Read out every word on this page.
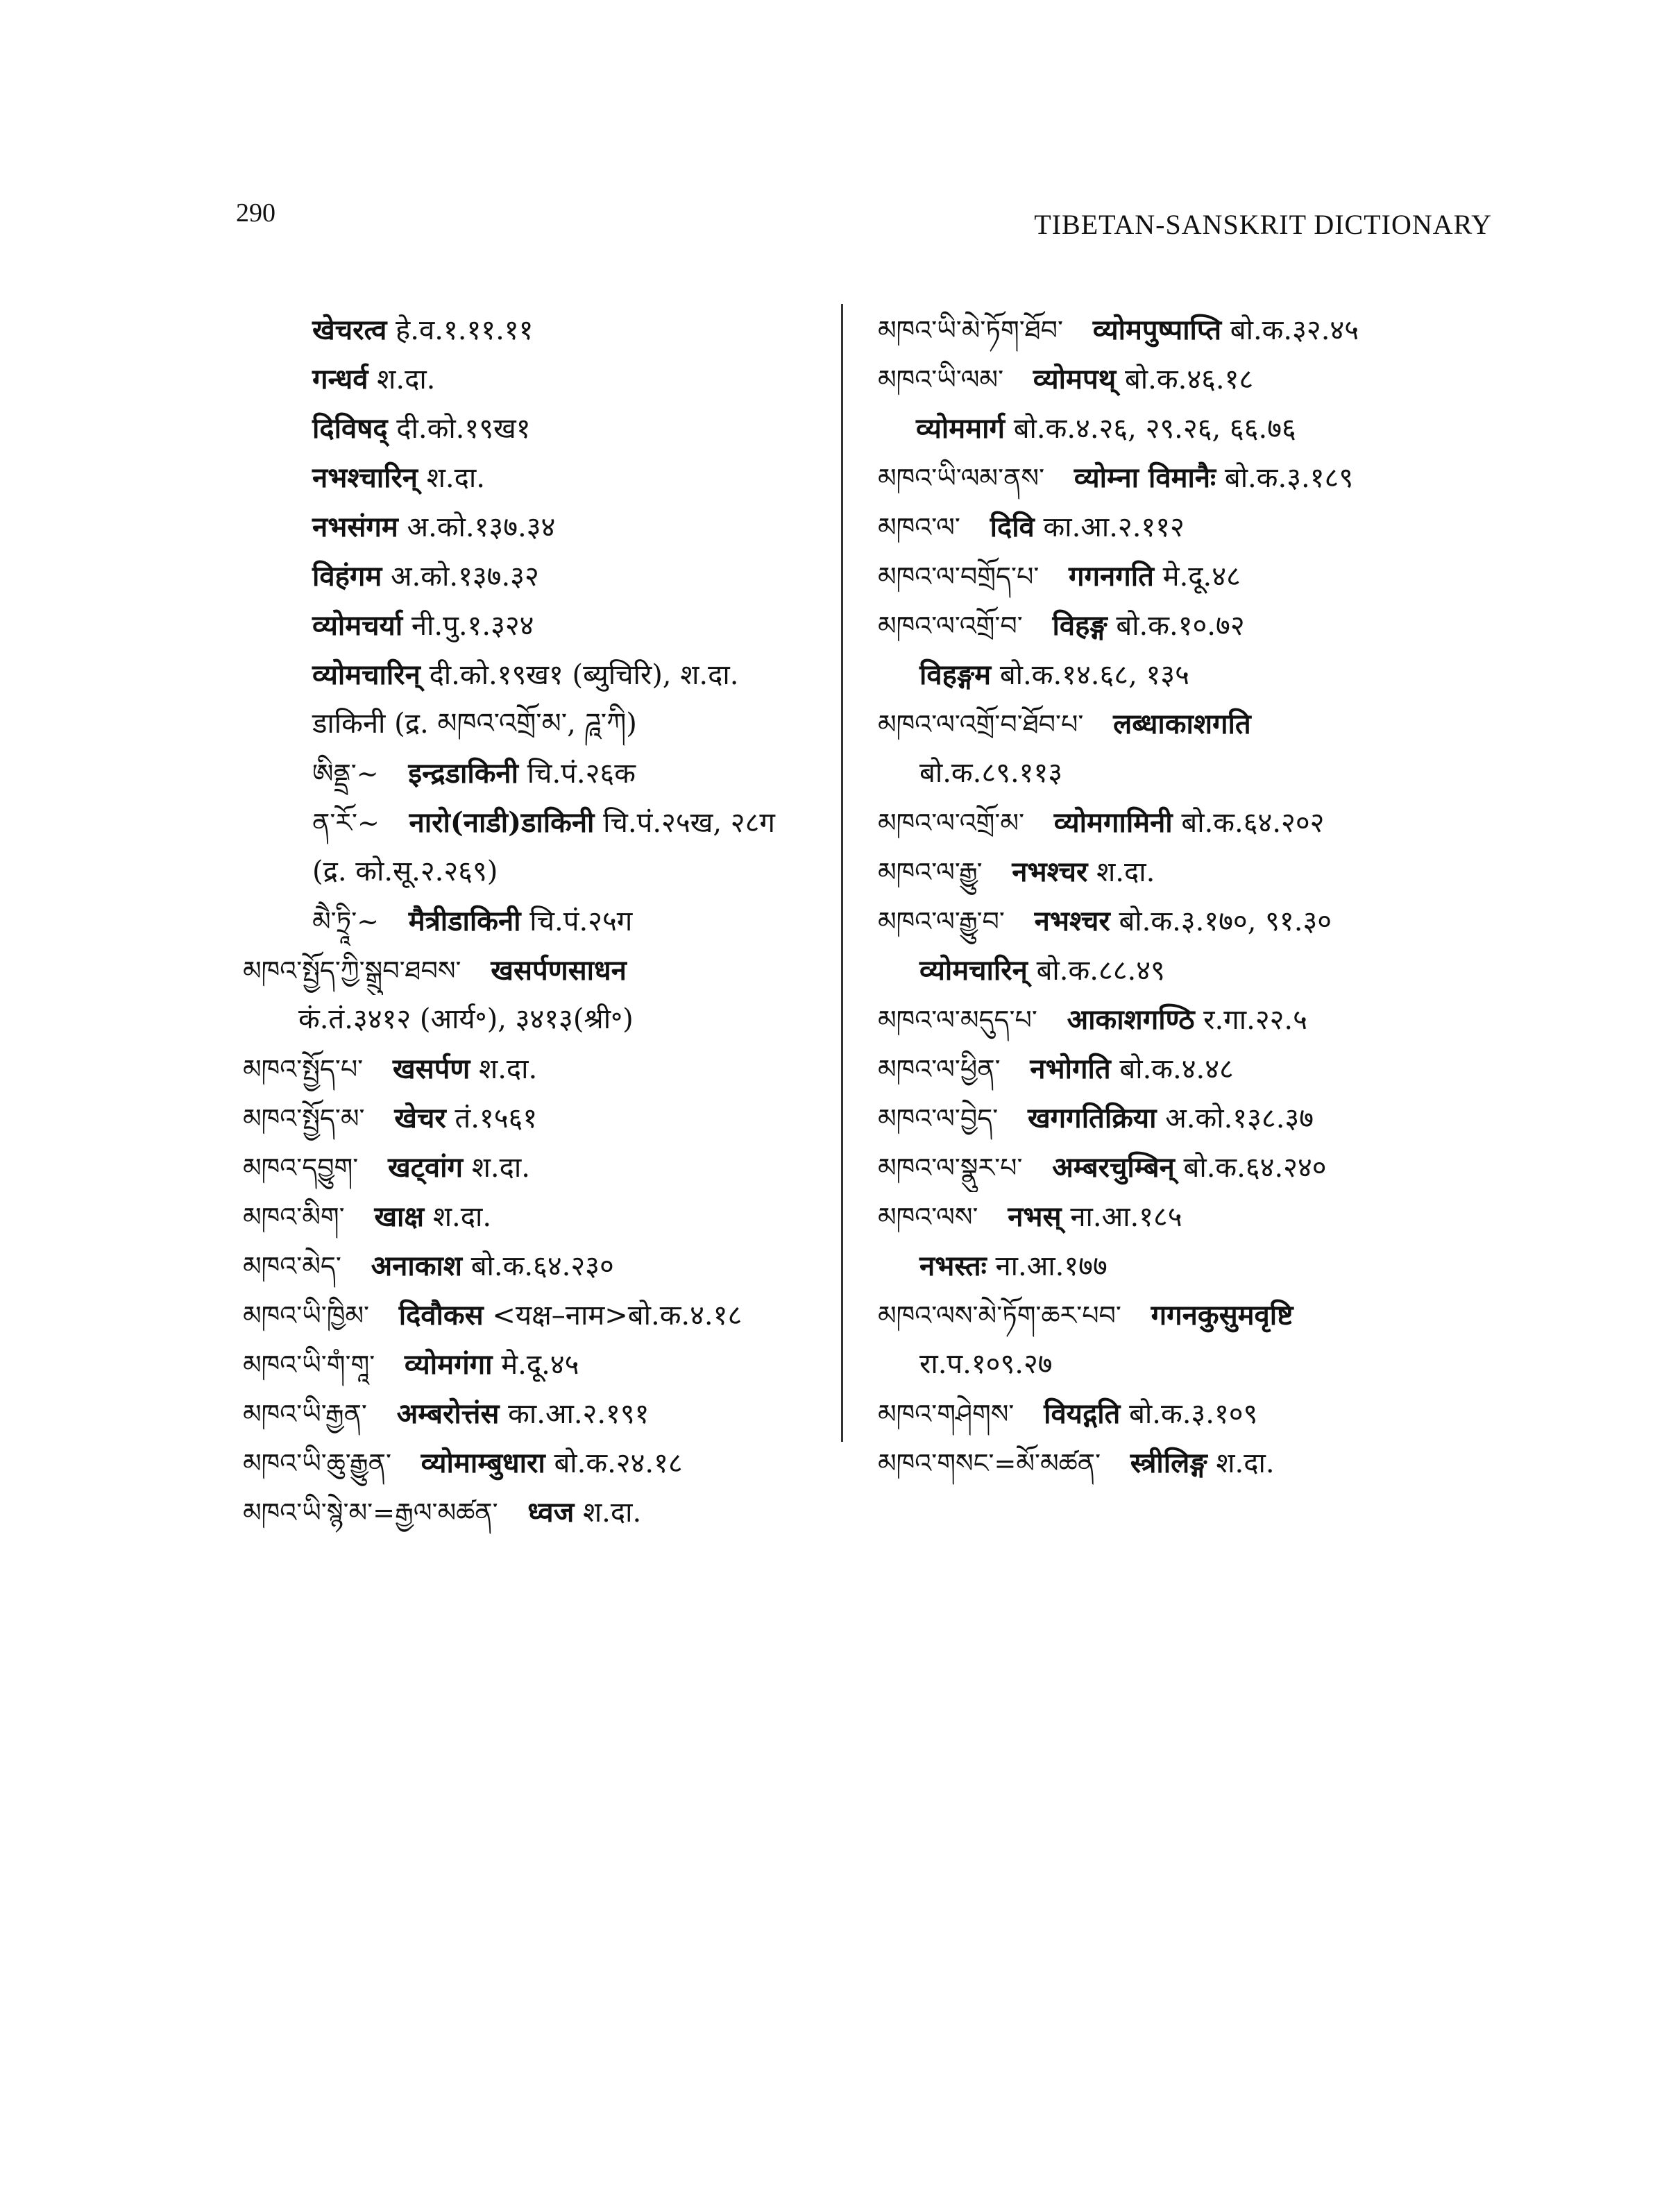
290	TIBETAN-SANSKRIT DICTIONARY
खेचरत्व हे.व.१.११.११
गन्धर्व श.दा.
दिविषद् दी.को.१९ख१
नभश्चारिन् श.दा.
नभसंगम अ.को.१३७.३४
विहंगम अ.को.१३७.३२
व्योमचर्या नी.पु.१.३२४
व्योमचारिन् दी.को.१९ख१ (ब्युचिरि), श.दा.
डाकिनी (द्र. མཁའ་འགྲོ་མ་, ཌཱ་ཀི)
ཨིནྡྲ་~ इन्द्रडाकिनी चि.पं.२६क
ན་རོ་~ नारो(नाडी)डाकिनी चि.पं.२५ख, २८ग
(द्र. को.सू.२.२६९)
མཻ་ཏྲཱི་~ मैत्रीडाकिनी चि.पं.२५ग
མཁའ་སྤྱོད་ཀྱི་སྒྲུབ་ཐབས་ खसर्पणसाधन
कं.तं.३४१२ (आर्य॰), ३४१३(श्री॰)
མཁའ་སྤྱོད་པ་ खसर्पण श.दा.
མཁའ་སྤྱོད་མ་ खेचर तं.१५६१
མཁའ་དབྱུག་ खट्वांग श.दा.
མཁའ་མིག་ खाक्ष श.दा.
མཁའ་མེད་ अनाकाश बो.क.६४.२३०
མཁའ་ཡི་ཁྱིམ་ दिवौकस <यक्ष–नाम>बो.क.४.१८
མཁའ་ཡི་གཾ་གཱ་ व्योमगंगा मे.दू.४५
མཁའ་ཡི་རྒྱན་ अम्बरोत्तंस का.आ.२.१९१
མཁའ་ཡི་ཆུ་རྒྱུན་ व्योमाम्बुधारा बो.क.२४.१८
མཁའ་ཡི་སྙེ་མ་=རྒྱལ་མཚན་ ध्वज श.दा.
མཁའ་ཡི་མེ་ཏོག་ཐོབ་ व्योमपुष्पाप्ति बो.क.३२.४५
མཁའ་ཡི་ལམ་ व्योमपथ् बो.क.४६.१८
व्योममार्ग बो.क.४.२६, २९.२६, ६६.७६
མཁའ་ཡི་ལམ་ནས་ व्योम्ना विमानैः बो.क.३.१८९
མཁའ་ལ་ दिवि का.आ.२.११२
མཁའ་ལ་བགྲོད་པ་ गगनगति मे.दू.४८
མཁའ་ལ་འགྲོ་བ་ विहङ्ग बो.क.१०.७२
विहङ्गम बो.क.१४.६८, १३५
མཁའ་ལ་འགྲོ་བ་ཐོབ་པ་ लब्धाकाशगति
बो.क.८९.११३
མཁའ་ལ་འགྲོ་མ་ व्योमगामिनी बो.क.६४.२०२
མཁའ་ལ་རྒྱུ་ नभश्चर श.दा.
མཁའ་ལ་རྒྱུ་བ་ नभश्चर बो.क.३.१७०, ९१.३०
व्योमचारिन् बो.क.८८.४९
མཁའ་ལ་མདུད་པ་ आकाशगण्ठि र.गा.२२.५
མཁའ་ལ་ཕྱིན་ नभोगति बो.क.४.४८
མཁའ་ལ་བྱེད་ खगगतिक्रिया अ.को.१३८.३७
མཁའ་ལ་སྣུར་པ་ अम्बरचुम्बिन् बो.क.६४.२४०
མཁའ་ལས་ नभस् ना.आ.१८५
नभस्तः ना.आ.१७७
མཁའ་ལས་མེ་ཏོག་ཆར་པབ་ गगनकुसुमवृष्टि
रा.प.१०९.२७
མཁའ་གཤེགས་ वियद्गति बो.क.३.१०९
མཁའ་གསང་=མོ་མཚན་ स्त्रीलिङ्ग श.दा.
